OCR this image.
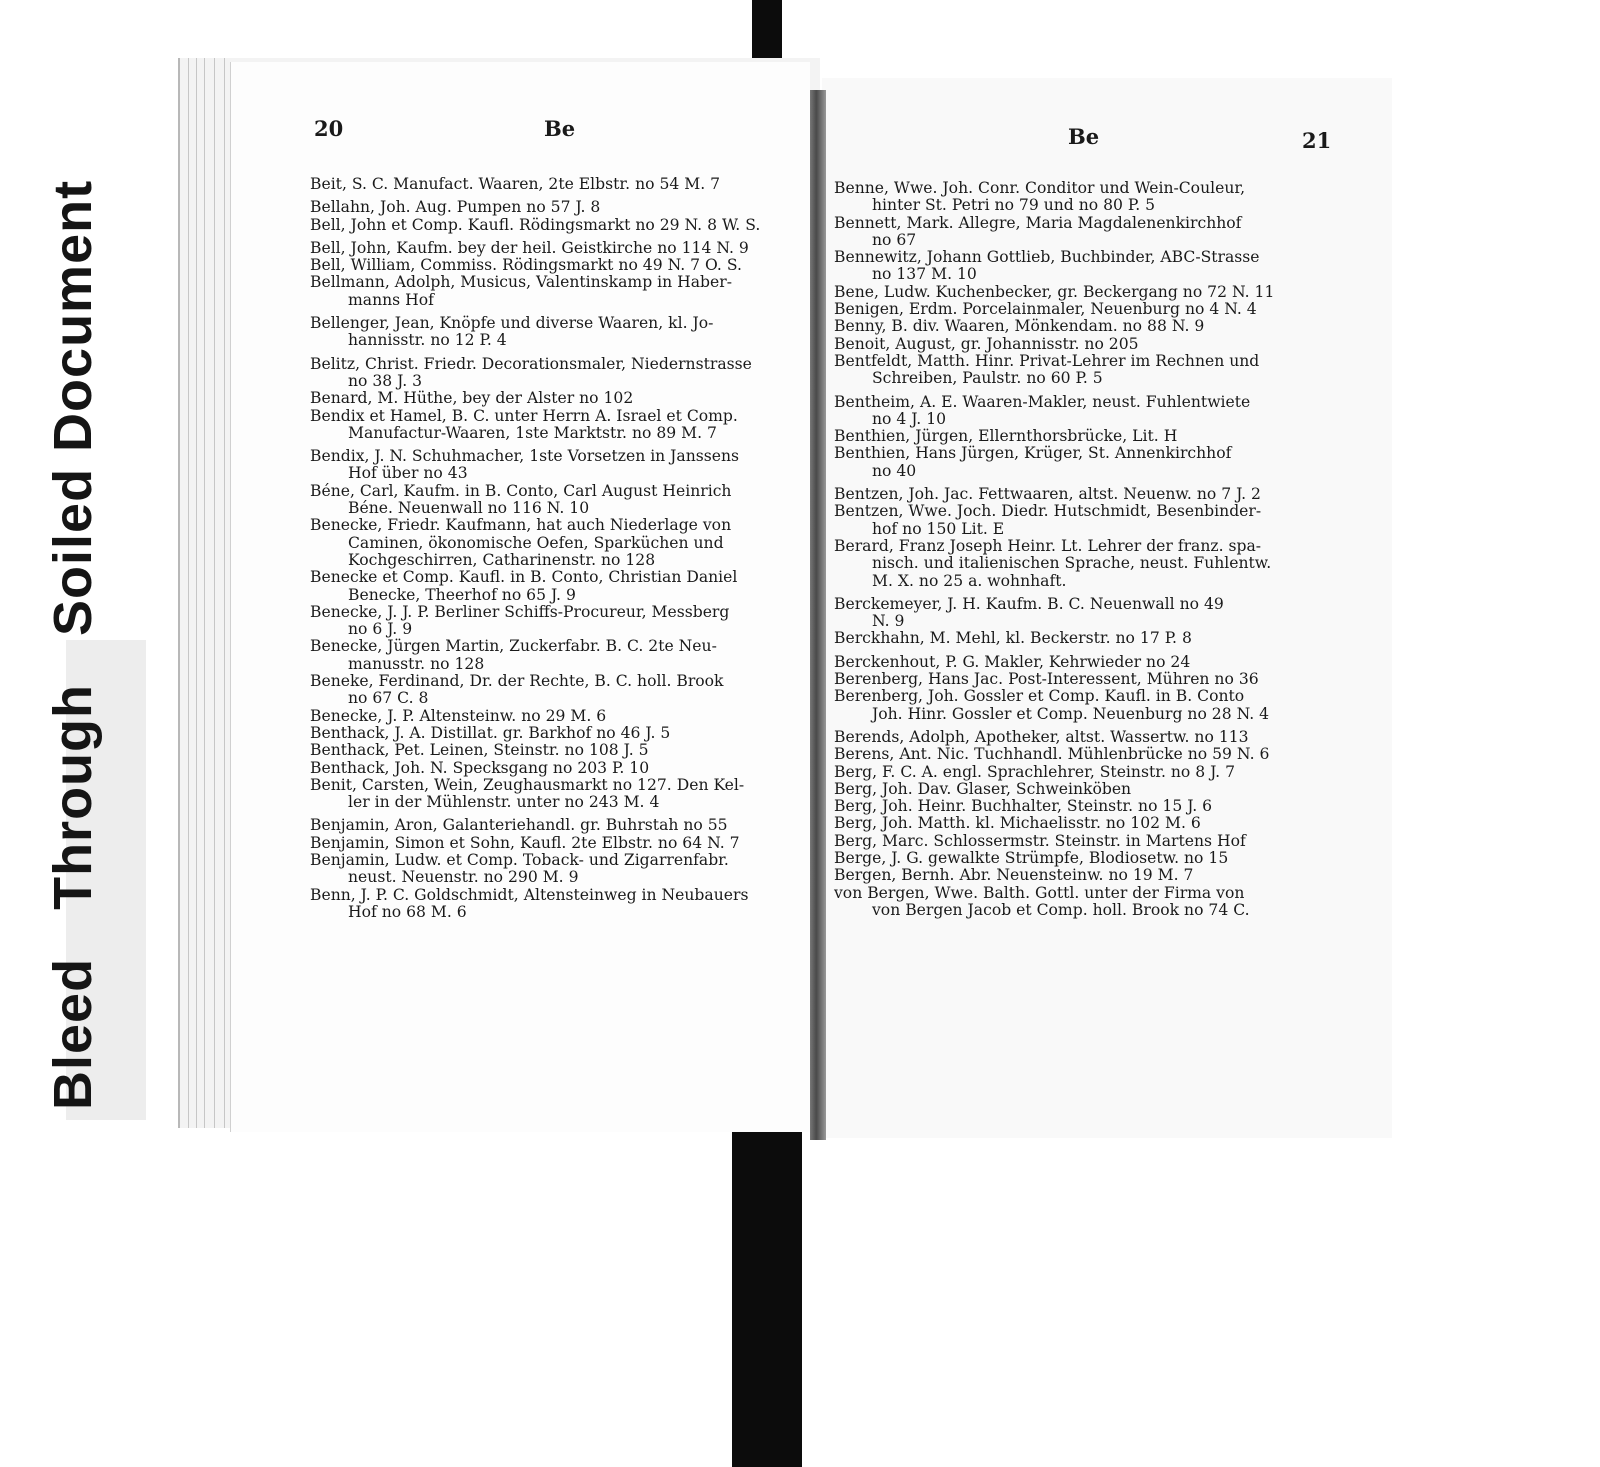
Bleed   Through   Soiled Document
20	Be	Be	21
Beit, S. C. Manufact. Waaren, 2te Elbstr. no 54 M. 7
Bellahn, Joh. Aug. Pumpen no 57 J. 8
Bell, John et Comp. Kaufl. Rödingsmarkt no 29 N. 8 W. S.
Bell, John, Kaufm. bey der heil. Geistkirche no 114 N. 9
Bell, William, Commiss. Rödingsmarkt no 49 N. 7 O. S.
Bellmann, Adolph, Musicus, Valentinskamp in Haber-
manns Hof
Bellenger, Jean, Knöpfe und diverse Waaren, kl. Jo-
hannisstr. no 12 P. 4
Belitz, Christ. Friedr. Decorationsmaler, Niedernstrasse
no 38 J. 3
Benard, M. Hüthe, bey der Alster no 102
Bendix et Hamel, B. C. unter Herrn A. Israel et Comp.
Manufactur-Waaren, 1ste Marktstr. no 89 M. 7
Bendix, J. N. Schuhmacher, 1ste Vorsetzen in Janssens
Hof über no 43
Béne, Carl, Kaufm. in B. Conto, Carl August Heinrich
Béne. Neuenwall no 116 N. 10
Benecke, Friedr. Kaufmann, hat auch Niederlage von
Caminen, ökonomische Oefen, Sparküchen und
Kochgeschirren, Catharinenstr. no 128
Benecke et Comp. Kaufl. in B. Conto, Christian Daniel
Benecke, Theerhof no 65 J. 9
Benecke, J. J. P. Berliner Schiffs-Procureur, Messberg
no 6 J. 9
Benecke, Jürgen Martin, Zuckerfabr. B. C. 2te Neu-
manusstr. no 128
Beneke, Ferdinand, Dr. der Rechte, B. C. holl. Brook
no 67 C. 8
Benecke, J. P. Altensteinw. no 29 M. 6
Benthack, J. A. Distillat. gr. Barkhof no 46 J. 5
Benthack, Pet. Leinen, Steinstr. no 108 J. 5
Benthack, Joh. N. Specksgang no 203 P. 10
Benit, Carsten, Wein, Zeughausmarkt no 127. Den Kel-
ler in der Mühlenstr. unter no 243 M. 4
Benjamin, Aron, Galanteriehandl. gr. Buhrstah no 55
Benjamin, Simon et Sohn, Kaufl. 2te Elbstr. no 64 N. 7
Benjamin, Ludw. et Comp. Toback- und Zigarrenfabr.
neust. Neuenstr. no 290 M. 9
Benn, J. P. C. Goldschmidt, Altensteinweg in Neubauers
Hof no 68 M. 6
Benne, Wwe. Joh. Conr. Conditor und Wein-Couleur,
hinter St. Petri no 79 und no 80 P. 5
Bennett, Mark. Allegre, Maria Magdalenenkirchhof
no 67
Bennewitz, Johann Gottlieb, Buchbinder, ABC-Strasse
no 137 M. 10
Bene, Ludw. Kuchenbecker, gr. Beckergang no 72 N. 11
Benigen, Erdm. Porcelainmaler, Neuenburg no 4 N. 4
Benny, B. div. Waaren, Mönkendam. no 88 N. 9
Benoit, August, gr. Johannisstr. no 205
Bentfeldt, Matth. Hinr. Privat-Lehrer im Rechnen und
Schreiben, Paulstr. no 60 P. 5
Bentheim, A. E. Waaren-Makler, neust. Fuhlentwiete
no 4 J. 10
Benthien, Jürgen, Ellernthorsbrücke, Lit. H
Benthien, Hans Jürgen, Krüger, St. Annenkirchhof
no 40
Bentzen, Joh. Jac. Fettwaaren, altst. Neuenw. no 7 J. 2
Bentzen, Wwe. Joch. Diedr. Hutschmidt, Besenbinder-
hof no 150 Lit. E
Berard, Franz Joseph Heinr. Lt. Lehrer der franz. spa-
nisch. und italienischen Sprache, neust. Fuhlentw.
M. X. no 25 a. wohnhaft.
Berckemeyer, J. H. Kaufm. B. C. Neuenwall no 49
N. 9
Berckhahn, M. Mehl, kl. Beckerstr. no 17 P. 8
Berckenhout, P. G. Makler, Kehrwieder no 24
Berenberg, Hans Jac. Post-Interessent, Mühren no 36
Berenberg, Joh. Gossler et Comp. Kaufl. in B. Conto
Joh. Hinr. Gossler et Comp. Neuenburg no 28 N. 4
Berends, Adolph, Apotheker, altst. Wassertw. no 113
Berens, Ant. Nic. Tuchhandl. Mühlenbrücke no 59 N. 6
Berg, F. C. A. engl. Sprachlehrer, Steinstr. no 8 J. 7
Berg, Joh. Dav. Glaser, Schweinköben
Berg, Joh. Heinr. Buchhalter, Steinstr. no 15 J. 6
Berg, Joh. Matth. kl. Michaelisstr. no 102 M. 6
Berg, Marc. Schlossermstr. Steinstr. in Martens Hof
Berge, J. G. gewalkte Strümpfe, Blodiosetw. no 15
Bergen, Bernh. Abr. Neuensteinw. no 19 M. 7
von Bergen, Wwe. Balth. Gottl. unter der Firma von
von Bergen Jacob et Comp. holl. Brook no 74 C.
